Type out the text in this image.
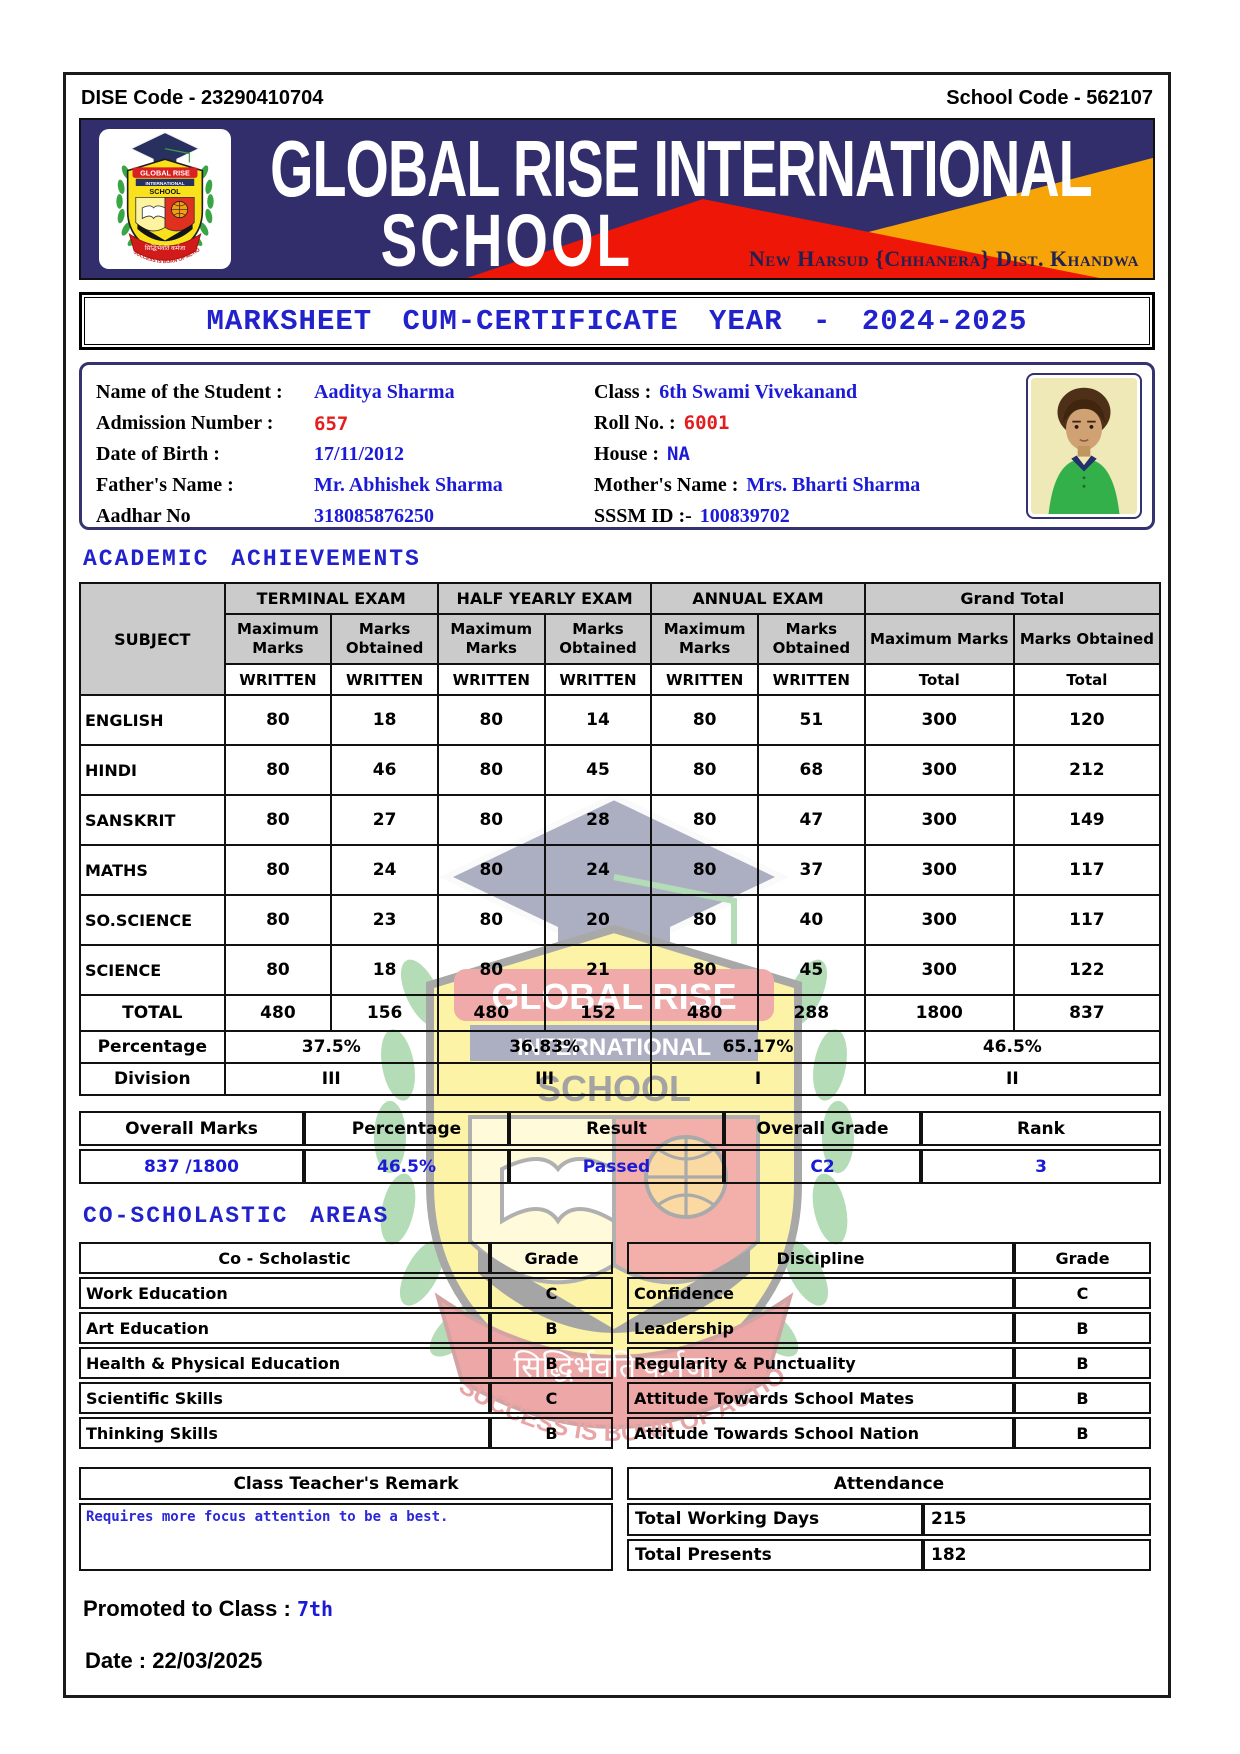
DISE Code - 23290410704	School Code - 562107
GLOBAL RISE INTERNATIONAL
SCHOOL	New Harsud {Chhanera} Dist. Khandwa
MARKSHEET CUM-CERTIFICATE YEAR - 2024-2025
Name of the Student :	Aaditya Sharma	Class : 6th Swami Vivekanand
Admission Number :	657	Roll No. : 6001
Date of Birth :	17/11/2012	House : NA
Father's Name :	Mr. Abhishek Sharma	Mother's Name : Mrs. Bharti Sharma
Aadhar No	318085876250	SSSM ID :- 100839702
ACADEMIC ACHIEVEMENTS
SUBJECT	TERMINAL EXAM		HALF YEARLY EXAM		ANNUAL EXAM		Grand Total	
	Maximum Marks	Marks Obtained	Maximum Marks	Marks Obtained	Maximum Marks	Marks Obtained	Maximum Marks	Marks Obtained
	WRITTEN	WRITTEN	WRITTEN	WRITTEN	WRITTEN	WRITTEN	Total	Total
ENGLISH	80	18	80	14	80	51	300	120
HINDI	80	46	80	45	80	68	300	212
SANSKRIT	80	27	80	28	80	47	300	149
MATHS	80	24	80	24	80	37	300	117
SO.SCIENCE	80	23	80	20	80	40	300	117
SCIENCE	80	18	80	21	80	45	300	122
TOTAL	480	156	480	152	480	288	1800	837
Percentage	37.5%		36.83%		65.17%		46.5%	
Division	III		III		I		II	
Overall Marks	Percentage	Result	Overall Grade	Rank
837 /1800	46.5%	Passed	C2	3
CO-SCHOLASTIC AREAS
Co - Scholastic	Grade
Work Education	C
Art Education	B
Health & Physical Education	B
Scientific Skills	C
Thinking Skills	B
Discipline	Grade
Confidence	C
Leadership	B
Regularity & Punctuality	B
Attitude Towards School Mates	B
Attitude Towards School Nation	B
Class Teacher's Remark
Requires more focus attention to be a best.
Attendance	
Total Working Days	215
Total Presents	182
Promoted to Class : 7th
Date : 22/03/2025
